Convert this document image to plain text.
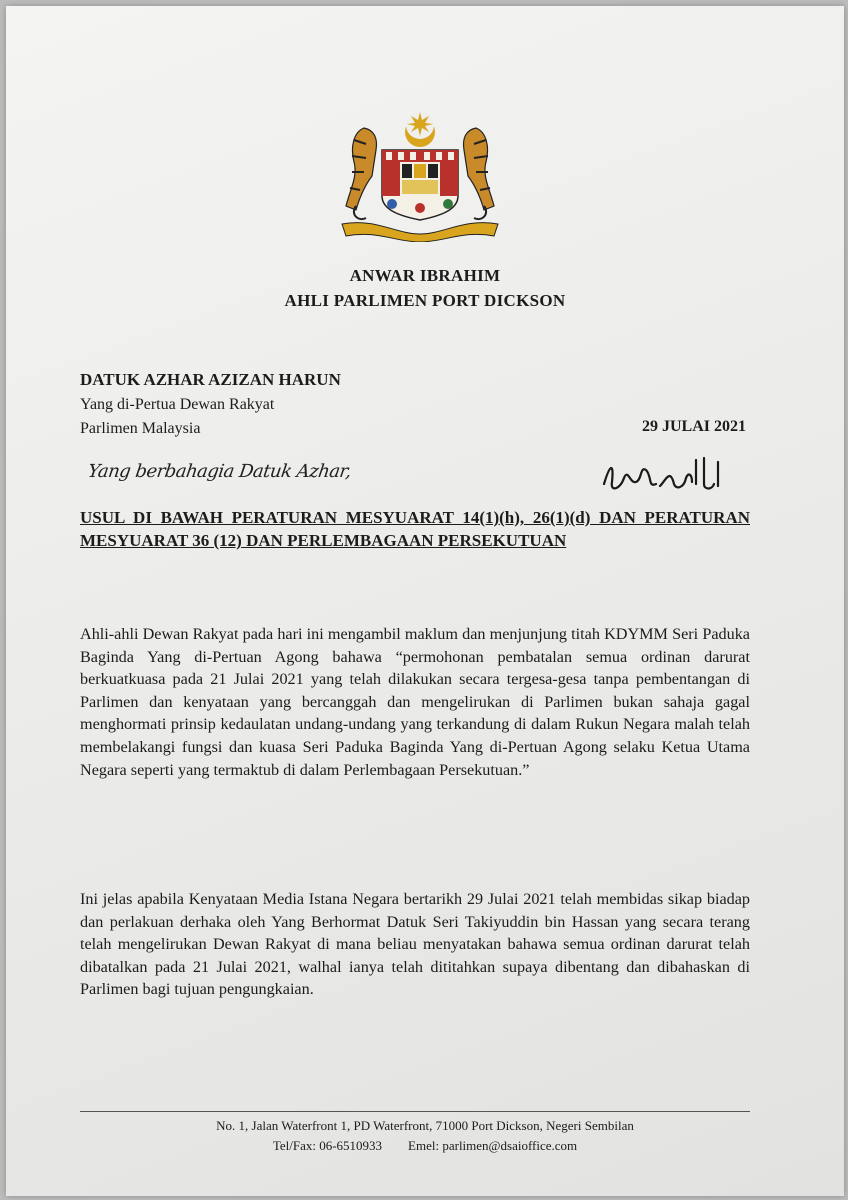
ANWAR IBRAHIM
AHLI PARLIMEN PORT DICKSON
DATUK AZHAR AZIZAN HARUN
Yang di-Pertua Dewan Rakyat
Parlimen Malaysia	29 JULAI 2021
Yang berbahagia Datuk Azhar,
USUL DI BAWAH PERATURAN MESYUARAT 14(1)(h), 26(1)(d) DAN PERATURAN MESYUARAT 36 (12) DAN PERLEMBAGAAN PERSEKUTUAN
Ahli-ahli Dewan Rakyat pada hari ini mengambil maklum dan menjunjung titah KDYMM Seri Paduka Baginda Yang di-Pertuan Agong bahawa “permohonan pembatalan semua ordinan darurat berkuatkuasa pada 21 Julai 2021 yang telah dilakukan secara tergesa-gesa tanpa pembentangan di Parlimen dan kenyataan yang bercanggah dan mengelirukan di Parlimen bukan sahaja gagal menghormati prinsip kedaulatan undang-undang yang terkandung di dalam Rukun Negara malah telah membelakangi fungsi dan kuasa Seri Paduka Baginda Yang di-Pertuan Agong selaku Ketua Utama Negara seperti yang termaktub di dalam Perlembagaan Persekutuan.”
Ini jelas apabila Kenyataan Media Istana Negara bertarikh 29 Julai 2021 telah membidas sikap biadap dan perlakuan derhaka oleh Yang Berhormat Datuk Seri Takiyuddin bin Hassan yang secara terang telah mengelirukan Dewan Rakyat di mana beliau menyatakan bahawa semua ordinan darurat telah dibatalkan pada 21 Julai 2021, walhal ianya telah dititahkan supaya dibentang dan dibahaskan di Parlimen bagi tujuan pengungkaian.
No. 1, Jalan Waterfront 1, PD Waterfront, 71000 Port Dickson, Negeri Sembilan
Tel/Fax: 06-6510933 Emel: parlimen@dsaioffice.com
